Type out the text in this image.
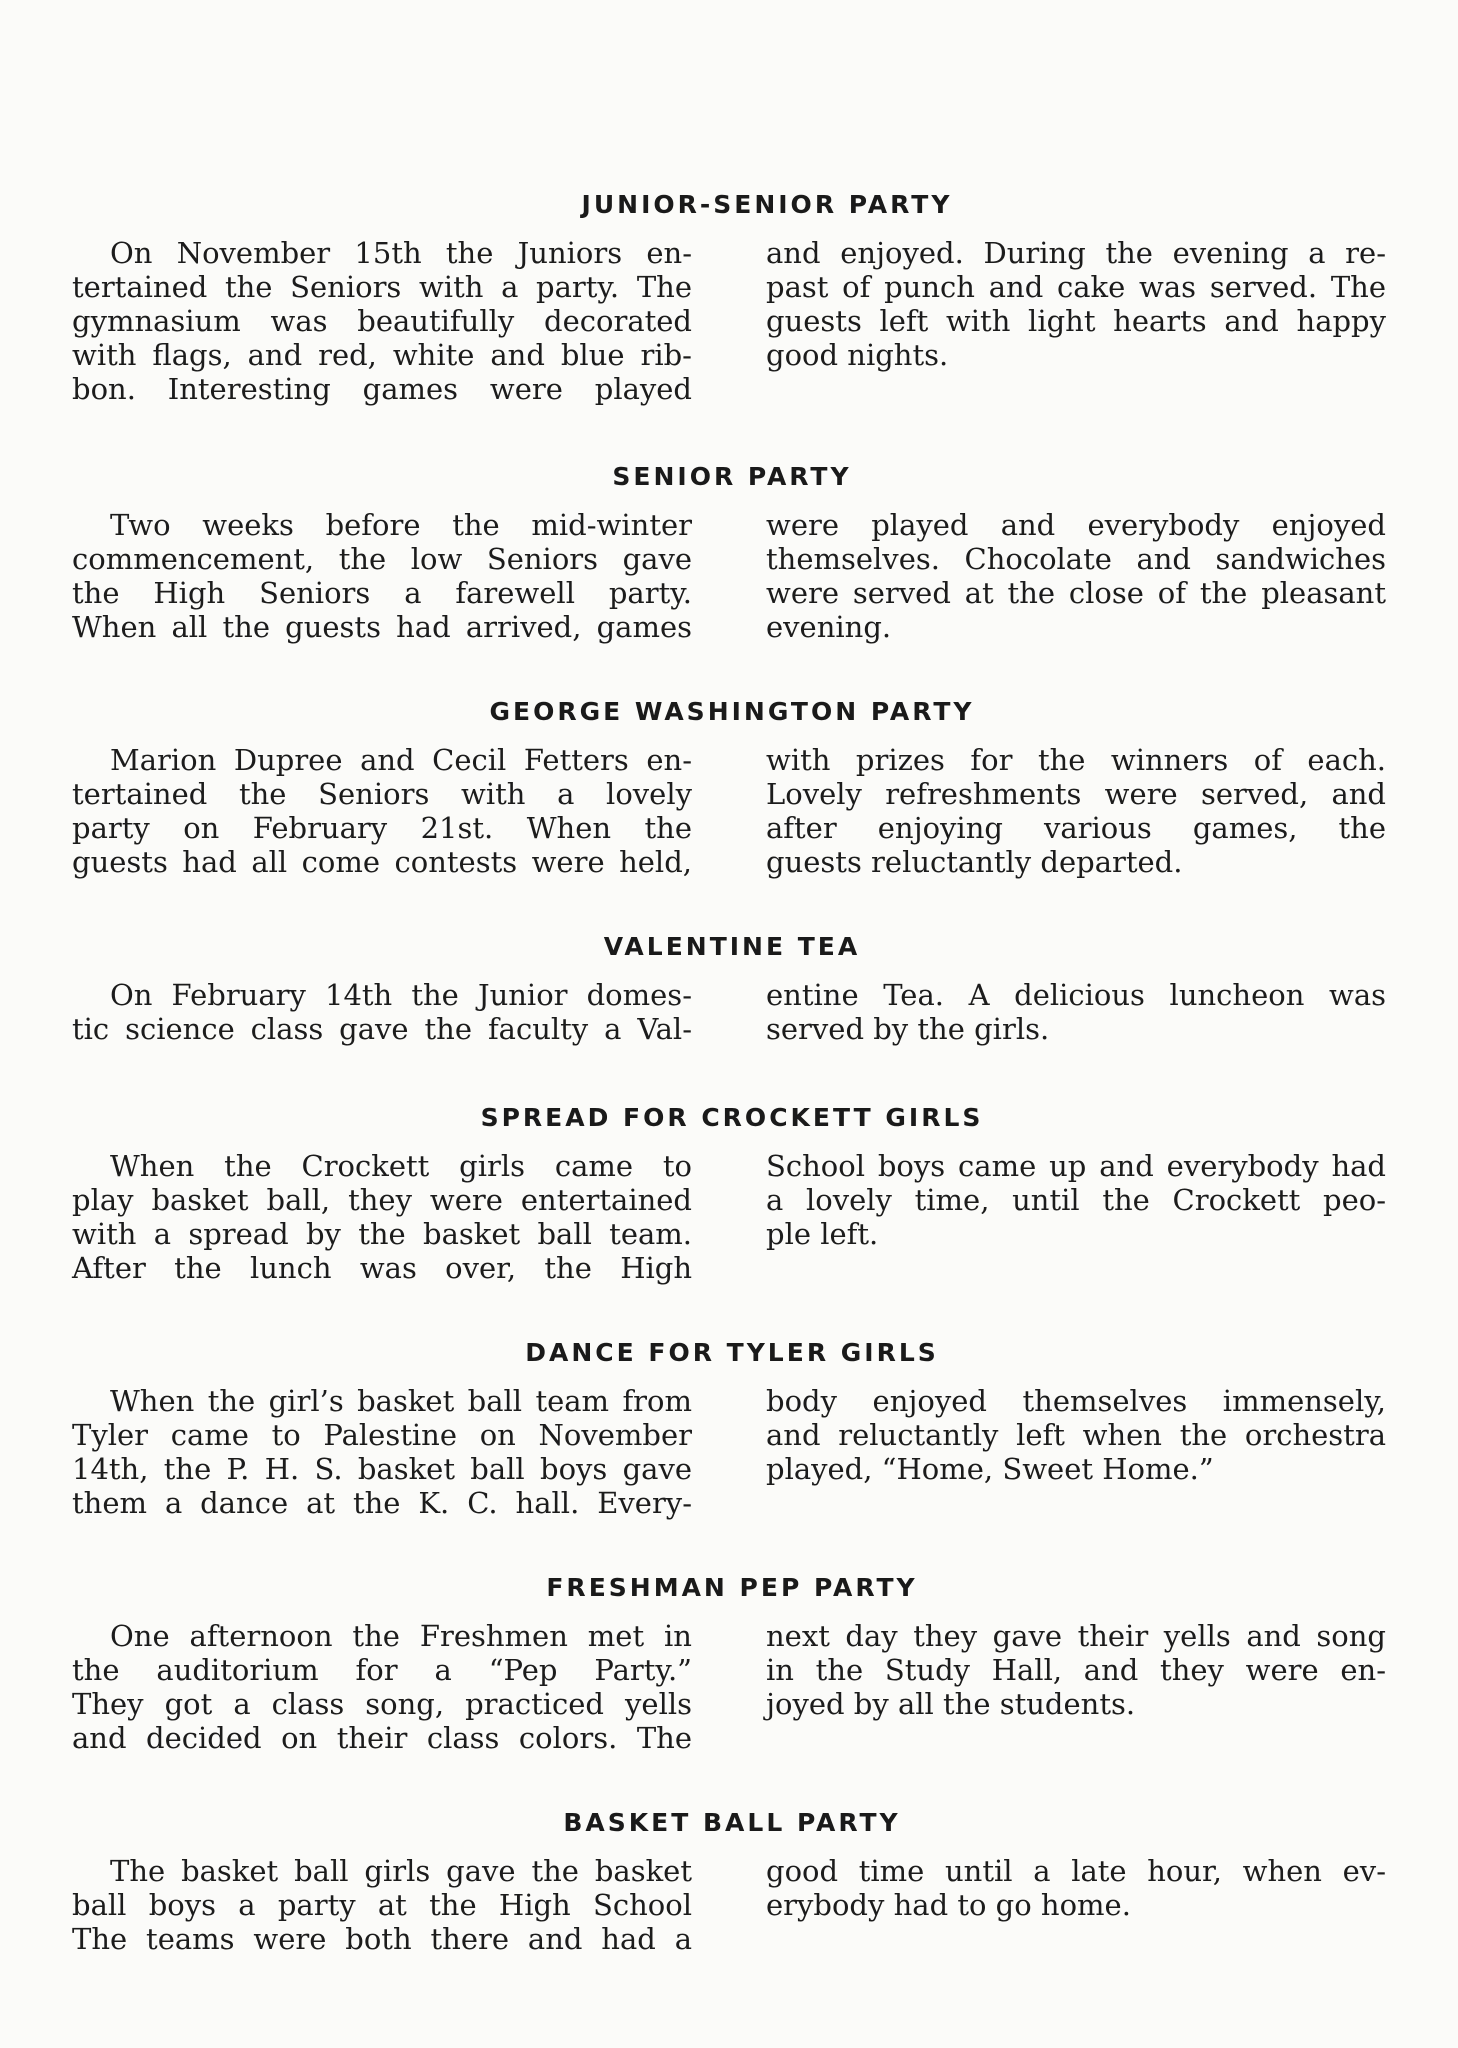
JUNIOR-SENIOR PARTY
On November 15th the Juniors en-
tertained the Seniors with a party. The
gymnasium was beautifully decorated
with flags, and red, white and blue rib-
bon. Interesting games were played
and enjoyed. During the evening a re-
past of punch and cake was served. The
guests left with light hearts and happy
good nights.
SENIOR PARTY
Two weeks before the mid-winter
commencement, the low Seniors gave
the High Seniors a farewell party.
When all the guests had arrived, games
were played and everybody enjoyed
themselves. Chocolate and sandwiches
were served at the close of the pleasant
evening.
GEORGE WASHINGTON PARTY
Marion Dupree and Cecil Fetters en-
tertained the Seniors with a lovely
party on February 21st. When the
guests had all come contests were held,
with prizes for the winners of each.
Lovely refreshments were served, and
after enjoying various games, the
guests reluctantly departed.
VALENTINE TEA
On February 14th the Junior domes-
tic science class gave the faculty a Val-
entine Tea. A delicious luncheon was
served by the girls.
SPREAD FOR CROCKETT GIRLS
When the Crockett girls came to
play basket ball, they were entertained
with a spread by the basket ball team.
After the lunch was over, the High
School boys came up and everybody had
a lovely time, until the Crockett peo-
ple left.
DANCE FOR TYLER GIRLS
When the girl’s basket ball team from
Tyler came to Palestine on November
14th, the P. H. S. basket ball boys gave
them a dance at the K. C. hall. Every-
body enjoyed themselves immensely,
and reluctantly left when the orchestra
played, “Home, Sweet Home.”
FRESHMAN PEP PARTY
One afternoon the Freshmen met in
the auditorium for a “Pep Party.”
They got a class song, practiced yells
and decided on their class colors. The
next day they gave their yells and song
in the Study Hall, and they were en-
joyed by all the students.
BASKET BALL PARTY
The basket ball girls gave the basket
ball boys a party at the High School
The teams were both there and had a
good time until a late hour, when ev-
erybody had to go home.
